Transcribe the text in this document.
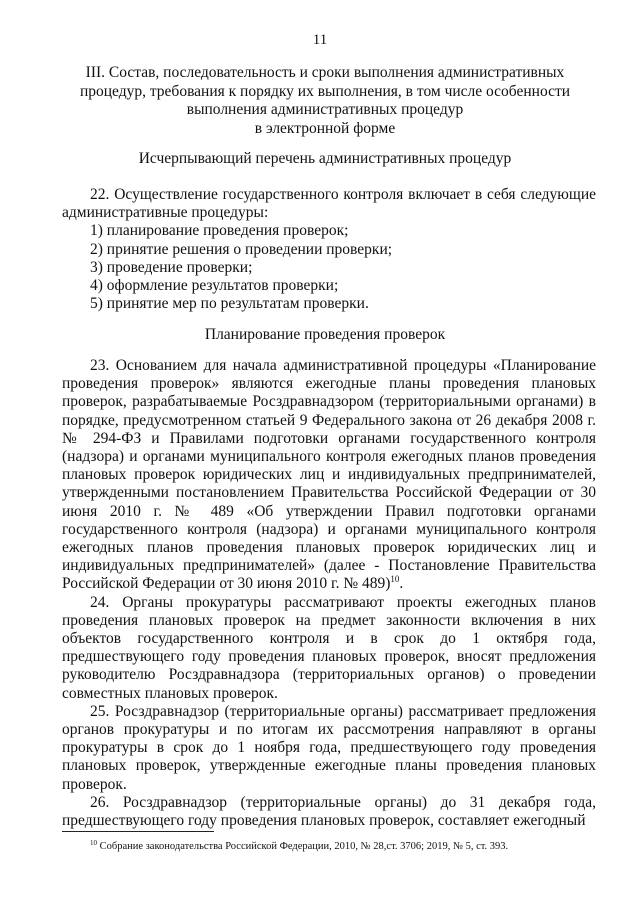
11
III. Состав, последовательность и сроки выполнения административных
процедур, требования к порядку их выполнения, в том числе особенности
выполнения административных процедур
в электронной форме
Исчерпывающий перечень административных процедур
22. Осуществление государственного контроля включает в себя следующие административные процедуры:
1) планирование проведения проверок;
2) принятие решения о проведении проверки;
3) проведение проверки;
4) оформление результатов проверки;
5) принятие мер по результатам проверки.
Планирование проведения проверок
23. Основанием для начала административной процедуры «Планирование проведения проверок» являются ежегодные планы проведения плановых проверок, разрабатываемые Росздравнадзором (территориальными органами) в порядке, предусмотренном статьей 9 Федерального закона от 26 декабря 2008 г. № 294-ФЗ и Правилами подготовки органами государственного контроля (надзора) и органами муниципального контроля ежегодных планов проведения плановых проверок юридических лиц и индивидуальных предпринимателей, утвержденными постановлением Правительства Российской Федерации от 30 июня 2010 г. № 489 «Об утверждении Правил подготовки органами государственного контроля (надзора) и органами муниципального контроля ежегодных планов проведения плановых проверок юридических лиц и индивидуальных предпринимателей» (далее - Постановление Правительства Российской Федерации от 30 июня 2010 г. № 489)$^{10}$.
24. Органы прокуратуры рассматривают проекты ежегодных планов проведения плановых проверок на предмет законности включения в них объектов государственного контроля и в срок до 1 октября года, предшествующего году проведения плановых проверок, вносят предложения руководителю Росздравнадзора (территориальных органов) о проведении совместных плановых проверок.
25. Росздравнадзор (территориальные органы) рассматривает предложения органов прокуратуры и по итогам их рассмотрения направляют в органы прокуратуры в срок до 1 ноября года, предшествующего году проведения плановых проверок, утвержденные ежегодные планы проведения плановых проверок.
26. Росздравнадзор (территориальные органы) до 31 декабря года, предшествующего году проведения плановых проверок, составляет ежегодный
$^{10}$ Собрание законодательства Российской Федерации, 2010, № 28,ст. 3706; 2019, № 5, ст. 393.
